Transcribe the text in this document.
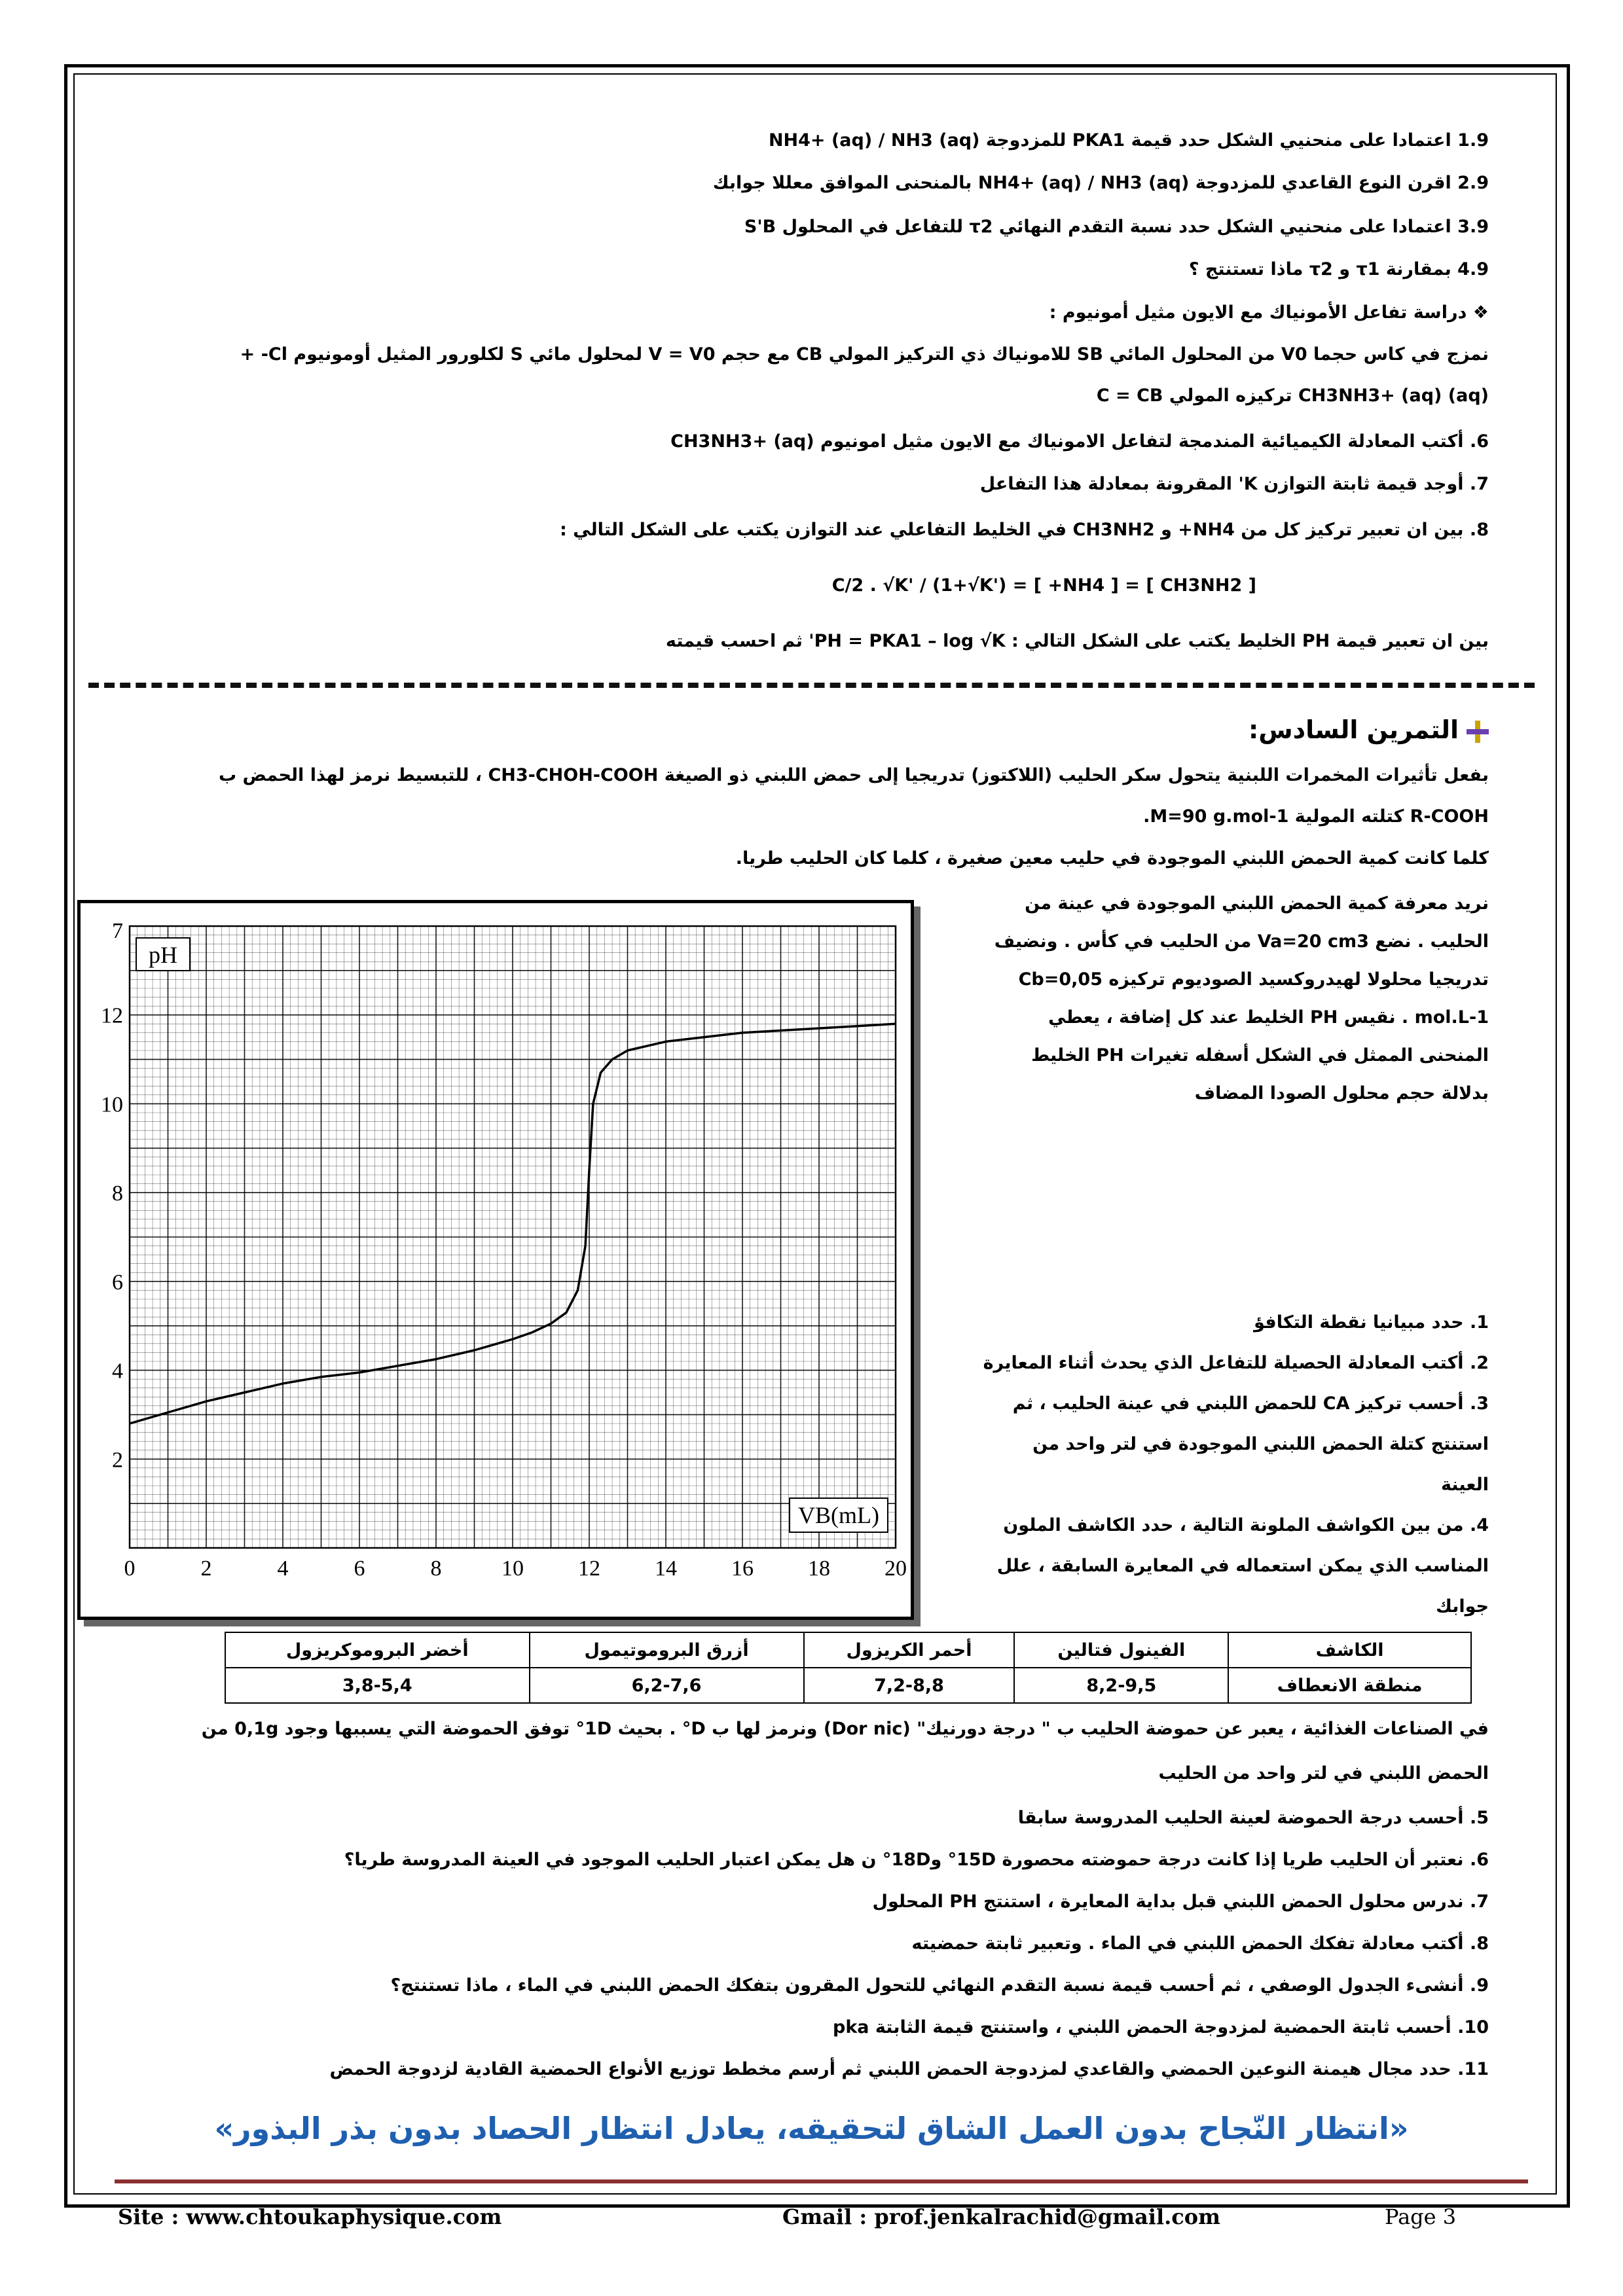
1.9 اعتمادا على منحنيي الشكل حدد قيمة PKA1 للمزدوجة NH4+ (aq) / NH3 (aq)
2.9 اقرن النوع القاعدي للمزدوجة NH4+ (aq) / NH3 (aq) بالمنحنى الموافق معللا جوابك
3.9 اعتمادا على منحنيي الشكل حدد نسبة التقدم النهائي τ2 للتفاعل في المحلول S'B
4.9 بمقارنة τ1 و τ2 ماذا تستنتج ؟
❖ دراسة تفاعل الأمونياك مع الايون مثيل أمونيوم :
نمزج في كاس حجما V0 من المحلول المائي SB للامونياك ذي التركيز المولي CB مع حجم V = V0 لمحلول مائي S لكلورور المثيل أومونيوم Cl- +
CH3NH3+ (aq) (aq) تركيزه المولي C = CB
6. أكتب المعادلة الكيميائية المندمجة لتفاعل الامونياك مع الايون مثيل امونيوم CH3NH3+ (aq)
7. أوجد قيمة ثابتة التوازن K' المقرونة بمعادلة هذا التفاعل
8. بين ان تعبير تركيز كل من NH4+ و CH3NH2 في الخليط التفاعلي عند التوازن يكتب على الشكل التالي :
[ CH3NH2 ] = [ NH4+ ] = C/2 . √K' / (1+√K')
بين ان تعبير قيمة PH الخليط يكتب على الشكل التالي : PH = PKA1 – log √K' ثم احسب قيمته
التمرين السادس:
بفعل تأثيرات المخمرات اللبنية يتحول سكر الحليب (اللاكتوز) تدريجيا إلى حمض اللبني ذو الصيغة CH3-CHOH-COOH ، للتبسيط نرمز لهذا الحمض ب
R-COOH كتلته المولية M=90 g.mol-1.
كلما كانت كمية الحمض اللبني الموجودة في حليب معين صغيرة ، كلما كان الحليب طريا.
نريد معرفة كمية الحمض اللبني الموجودة في عينة من
الحليب . نضع Va=20 cm3 من الحليب في كأس . ونضيف
تدريجيا محلولا لهيدروكسيد الصوديوم تركيزه Cb=0,05
mol.L-1 . نقيس PH الخليط عند كل إضافة ، يعطي
المنحنى الممثل في الشكل أسفله تغيرات PH الخليط
بدلالة حجم محلول الصودا المضاف
1. حدد مبيانيا نقطة التكافؤ
2. أكتب المعادلة الحصيلة للتفاعل الذي يحدث أثناء المعايرة
3. أحسب تركيز CA للحمض اللبني في عينة الحليب ، ثم
استنتج كتلة الحمض اللبني الموجودة في لتر واحد من
العينة
4. من بين الكواشف الملونة التالية ، حدد الكاشف الملون
المناسب الذي يمكن استعماله في المعايرة السابقة ، علل
جوابك
0	2	4	6	8	10 12 14 16 18 20
2
4
6
8
10
12
7
pH
VB(mL)
الكاشف	الفينول فتالين	أحمر الكريزول	أزرق البروموتيمول	أخضر البروموكريزول
منطقة الانعطاف	8,2-9,5	7,2-8,8	6,2-7,6	3,8-5,4
في الصناعات الغذائية ، يعبر عن حموضة الحليب ب " درجة دورنيك" (Dor nic) ونرمز لها ب D° . بحيث 1D° توفق الحموضة التي يسببها وجود 0,1g من
الحمض اللبني في لتر واحد من الحليب
5. أحسب درجة الحموضة لعينة الحليب المدروسة سابقا
6. نعتبر أن الحليب طريا إذا كانت درجة حموضته محصورة 15D° و18D° ن هل يمكن اعتبار الحليب الموجود في العينة المدروسة طريا؟
7. ندرس محلول الحمض اللبني قبل بداية المعايرة ، استنتج PH المحلول
8. أكتب معادلة تفكك الحمض اللبني في الماء . وتعبير ثابتة حمضيته
9. أنشىء الجدول الوصفي ، ثم أحسب قيمة نسبة التقدم النهائي للتحول المقرون بتفكك الحمض اللبني في الماء ، ماذا تستنتج؟
10. أحسب ثابتة الحمضية لمزدوجة الحمض اللبني ، واستنتج قيمة الثابتة pka
11. حدد مجال هيمنة النوعين الحمضي والقاعدي لمزدوجة الحمض اللبني ثم أرسم مخطط توزيع الأنواع الحمضية القادية لزدوجة الحمض
«انتظار النّجاح بدون العمل الشاق لتحقيقه، يعادل انتظار الحصاد بدون بذر البذور»
Site : www.chtoukaphysique.com	Gmail : prof.jenkalrachid@gmail.com	Page 3
